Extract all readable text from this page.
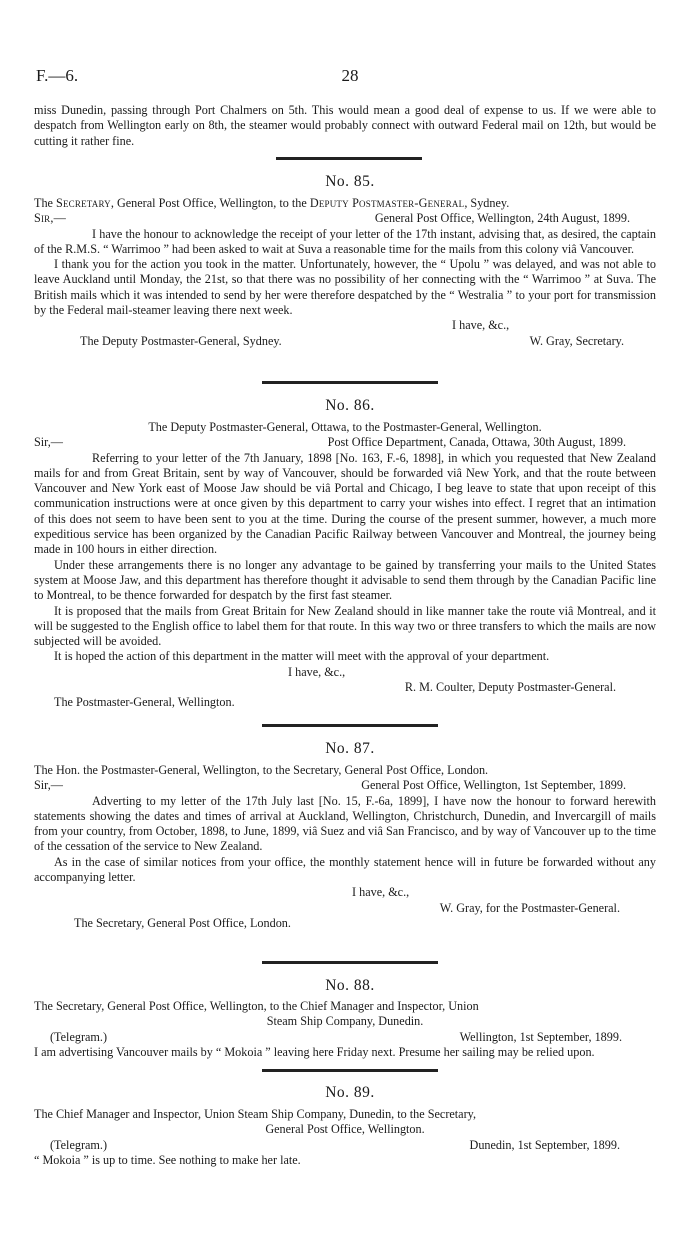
F.—6.	28

miss Dunedin, passing through Port Chalmers on 5th. This would mean a good deal of expense to us. If we were able to despatch from Wellington early on 8th, the steamer would probably connect with outward Federal mail on 12th, but would be cutting it rather fine.

No. 85.

The Secretary, General Post Office, Wellington, to the Deputy Postmaster-General, Sydney.

Sir,—	General Post Office, Wellington, 24th August, 1899.

I have the honour to acknowledge the receipt of your letter of the 17th instant, advising that, as desired, the captain of the R.M.S. “ Warrimoo ” had been asked to wait at Suva a reasonable time for the mails from this colony viâ Vancouver.

I thank you for the action you took in the matter. Unfortunately, however, the “ Upolu ” was delayed, and was not able to leave Auckland until Monday, the 21st, so that there was no possibility of her connecting with the “ Warrimoo ” at Suva. The British mails which it was intended to send by her were therefore despatched by the “ Westralia ” to your port for transmission by the Federal mail-steamer leaving there next week.

I have, &c.,

The Deputy Postmaster-General, Sydney.	W. Gray, Secretary.
No. 86.

The Deputy Postmaster-General, Ottawa, to the Postmaster-General, Wellington.

Sir,—	Post Office Department, Canada, Ottawa, 30th August, 1899.

Referring to your letter of the 7th January, 1898 [No. 163, F.-6, 1898], in which you requested that New Zealand mails for and from Great Britain, sent by way of Vancouver, should be forwarded viâ New York, and that the route between Vancouver and New York east of Moose Jaw should be viâ Portal and Chicago, I beg leave to state that upon receipt of this communication instructions were at once given by this department to carry your wishes into effect. I regret that an intimation of this does not seem to have been sent to you at the time. During the course of the present summer, however, a much more expeditious service has been organized by the Canadian Pacific Railway between Vancouver and Montreal, the journey being made in 100 hours in either direction.

Under these arrangements there is no longer any advantage to be gained by transferring your mails to the United States system at Moose Jaw, and this department has therefore thought it advisable to send them through by the Canadian Pacific line to Montreal, to be thence forwarded for despatch by the first fast steamer.

It is proposed that the mails from Great Britain for New Zealand should in like manner take the route viâ Montreal, and it will be suggested to the English office to label them for that route. In this way two or three transfers to which the mails are now subjected will be avoided.

It is hoped the action of this department in the matter will meet with the approval of your department.

I have, &c.,

R. M. Coulter, Deputy Postmaster-General.

The Postmaster-General, Wellington.

No. 87.

The Hon. the Postmaster-General, Wellington, to the Secretary, General Post Office, London.

Sir,—	General Post Office, Wellington, 1st September, 1899.

Adverting to my letter of the 17th July last [No. 15, F.-6a, 1899], I have now the honour to forward herewith statements showing the dates and times of arrival at Auckland, Wellington, Christchurch, Dunedin, and Invercargill of mails from your country, from October, 1898, to June, 1899, viâ Suez and viâ San Francisco, and by way of Vancouver up to the time of the cessation of the service to New Zealand.

As in the case of similar notices from your office, the monthly statement hence will in future be forwarded without any accompanying letter.

I have, &c.,

W. Gray, for the Postmaster-General.

The Secretary, General Post Office, London.

No. 88.

The Secretary, General Post Office, Wellington, to the Chief Manager and Inspector, Union

Steam Ship Company, Dunedin.

(Telegram.)	Wellington, 1st September, 1899.

I am advertising Vancouver mails by “ Mokoia ” leaving here Friday next. Presume her sailing may be relied upon.

No. 89.

The Chief Manager and Inspector, Union Steam Ship Company, Dunedin, to the Secretary,

General Post Office, Wellington.

(Telegram.)	Dunedin, 1st September, 1899.

“ Mokoia ” is up to time. See nothing to make her late.
